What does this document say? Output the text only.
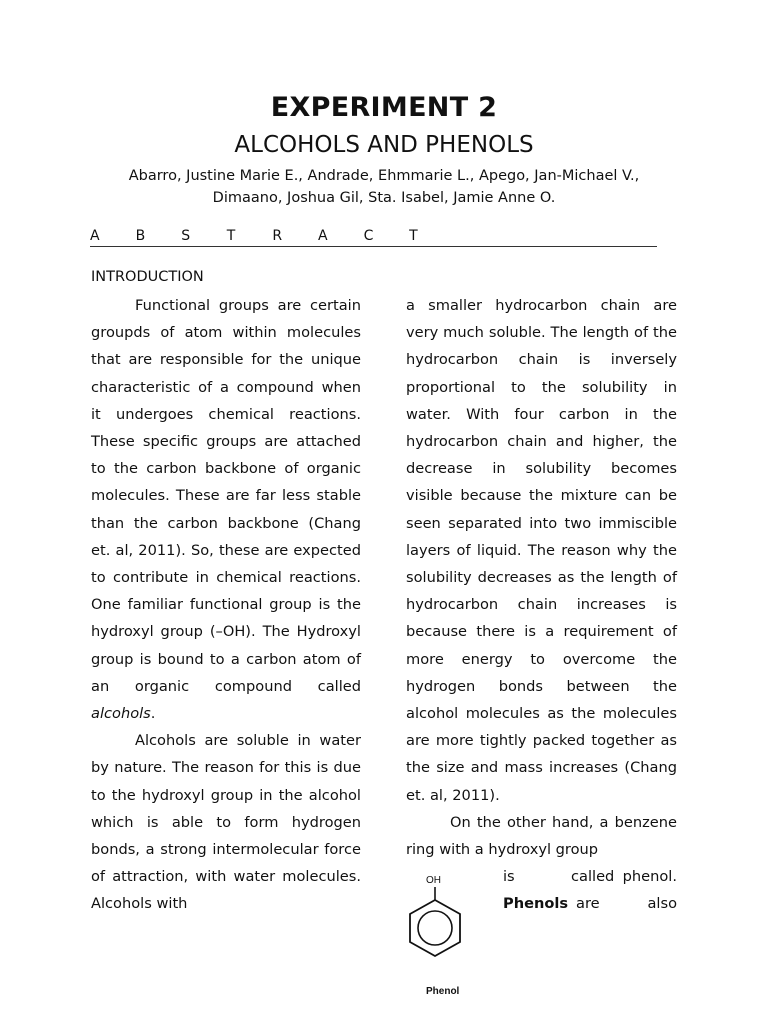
EXPERIMENT 2
ALCOHOLS AND PHENOLS
Abarro, Justine Marie E., Andrade, Ehmmarie L., Apego, Jan-Michael V.,
Dimaano, Joshua Gil, Sta. Isabel, Jamie Anne O.
A	B	S	T	R	A	C	T
INTRODUCTION

Functional groups are certain groupds of atom within molecules that are responsible for the unique characteristic of a compound when it undergoes chemical reactions. These specific groups are attached to the carbon backbone of organic molecules. These are far less stable than the carbon backbone (Chang et. al, 2011). So, these are expected to contribute in chemical reactions. One familiar functional group is the hydroxyl group (–OH). The Hydroxyl group is bound to a carbon atom of an organic compound called alcohols.

Alcohols are soluble in water by nature. The reason for this is due to the hydroxyl group in the alcohol which is able to form hydrogen bonds, a strong intermolecular force of attraction, with water molecules. Alcohols with

a smaller hydrocarbon chain are very much soluble. The length of the hydrocarbon chain is inversely proportional to the solubility in water. With four carbon in the hydrocarbon chain and higher, the decrease in solubility becomes visible because the mixture can be seen separated into two immiscible layers of liquid. The reason why the solubility decreases as the length of hydrocarbon chain increases is because there is a requirement of more energy to overcome the hydrogen bonds between the alcohol molecules as the molecules are more tightly packed together as the size and mass increases (Chang et. al, 2011).

On the other hand, a benzene ring with a hydroxyl group

is	called phenol.
Phenols are	also
OH
Phenol
